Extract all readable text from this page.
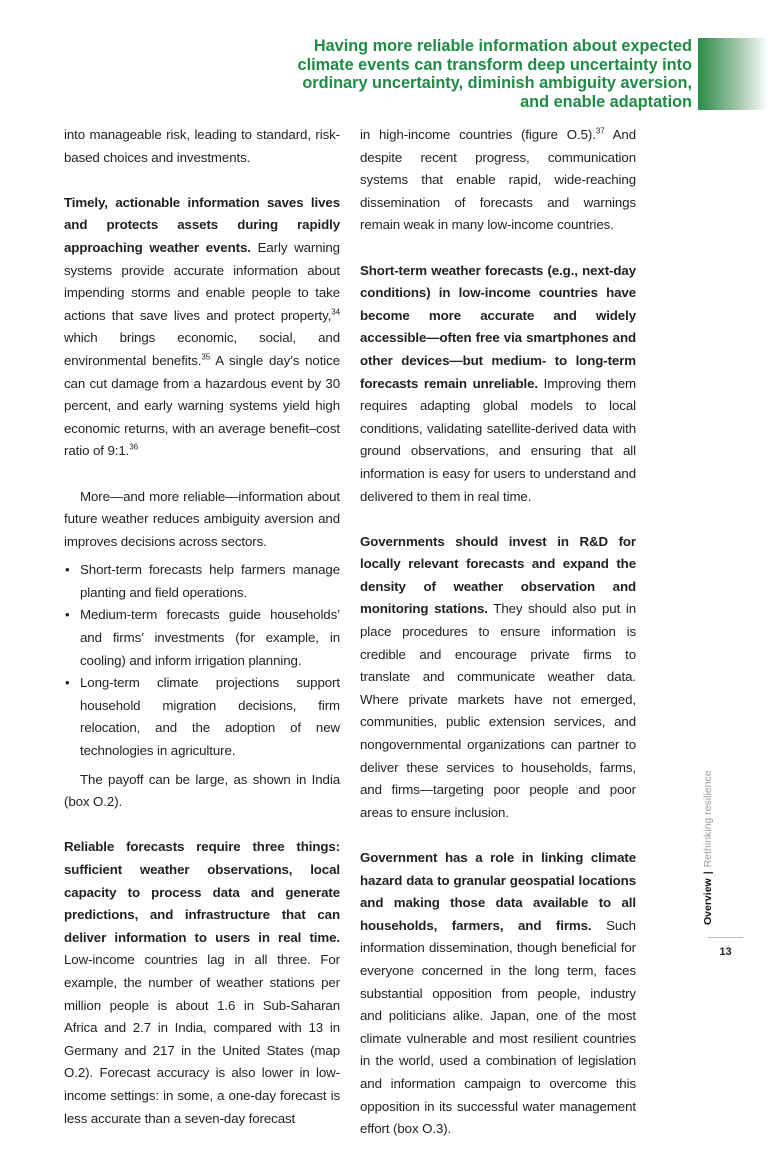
Having more reliable information about expected climate events can transform deep uncertainty into ordinary uncertainty, diminish ambiguity aversion, and enable adaptation

into manageable risk, leading to standard, risk-based choices and investments.

Timely, actionable information saves lives and protects assets during rapidly approaching weather events. Early warning systems provide accurate information about impending storms and enable people to take actions that save lives and protect property,$^{34}$ which brings economic, social, and environmental benefits.$^{35}$ A single day’s notice can cut damage from a hazardous event by 30 percent, and early warning systems yield high economic returns, with an average benefit–cost ratio of 9:1.36

More—and more reliable—information about future weather reduces ambiguity aversion and improves decisions across sectors.

• Short-term forecasts help farmers manage planting and field operations.
• Medium-term forecasts guide households’ and firms’ investments (for example, in cooling) and inform irrigation planning.
• Long-term climate projections support household migration decisions, firm relocation, and the adoption of new technologies in agriculture.

The payoff can be large, as shown in India (box O.2).

Reliable forecasts require three things: sufficient weather observations, local capacity to process data and generate predictions, and infrastructure that can deliver information to users in real time. Low-income countries lag in all three. For example, the number of weather stations per million people is about 1.6 in Sub-Saharan Africa and 2.7 in India, compared with 13 in Germany and 217 in the United States (map O.2). Forecast accuracy is also lower in low-income settings: in some, a one-day forecast is less accurate than a seven-day forecast

in high-income countries (figure O.5).$^{37}$ And despite recent progress, communication systems that enable rapid, wide-reaching dissemination of forecasts and warnings remain weak in many low-income countries.

Short-term weather forecasts (e.g., next-day conditions) in low-income countries have become more accurate and widely accessible—often free via smartphones and other devices—but medium- to long-term forecasts remain unreliable. Improving them requires adapting global models to local conditions, validating satellite-derived data with ground observations, and ensuring that all information is easy for users to understand and delivered to them in real time.

Governments should invest in R&D for locally relevant forecasts and expand the density of weather observation and monitoring stations. They should also put in place procedures to ensure information is credible and encourage private firms to translate and communicate weather data. Where private markets have not emerged, communities, public extension services, and nongovernmental organizations can partner to deliver these services to households, farms, and firms—targeting poor people and poor areas to ensure inclusion.

Government has a role in linking climate hazard data to granular geospatial locations and making those data available to all households, farmers, and firms. Such information dissemination, though beneficial for everyone concerned in the long term, faces substantial opposition from people, industry and politicians alike. Japan, one of the most climate vulnerable and most resilient countries in the world, used a combination of legislation and information campaign to overcome this opposition in its successful water management effort (box O.3).

Overview|Rethinking resilience
13
